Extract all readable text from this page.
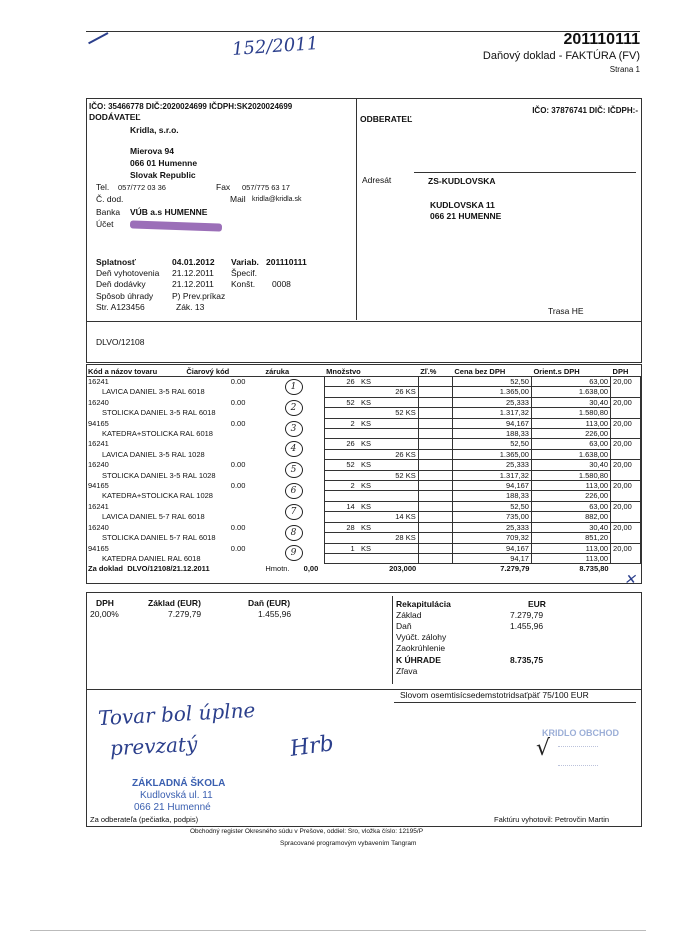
152/2011	201110111
Daňový doklad - FAKTÚRA (FV)
Strana 1
IČO: 35466778 DIČ:2020024699 IČDPH:SK2020024699
DODÁVATEĽ
Kridla, s.r.o.
Mierova 94
066 01 Humenne
Slovak Republic
Tel. 057/772 03 36	Fax 057/775 63 17
Č. dod.	Mail kridla@kridla.sk
Banka VÚB a.s HUMENNE
Účet
IČO: 37876741 DIČ: IČDPH:-
ODBERATEĽ
Adresát	ZS-KUDLOVSKA
KUDLOVSKA 11
066 21 HUMENNE
Trasa HE
Splatnosť	04.01.2012 Variab. 201110111
Deň vyhotovenia 21.12.2011 Špecif.
Deň dodávky	21.12.2011 Konšt. 0008
Spôsob úhrady P) Prev.príkaz
Str. A123456	Zák. 13
DLVO/12108
Kód a názov tovaru	Čiarový kód	záruka	Množstvo	Zľ.%	Cena bez DPH	Orient.s DPH	DPH
16241	0.00	1	26 KS		52,50	63,00	20,00
LAVICA DANIEL 3-5 RAL 6018			26 KS		1.365,00	1.638,00	
16240	0.00	2	52 KS		25,333	30,40	20,00
STOLICKA DANIEL 3-5 RAL 6018			52 KS		1.317,32	1.580,80	
94165	0.00	3	2 KS		94,167	113,00	20,00
KATEDRA+STOLICKA RAL 6018					188,33	226,00	
16241		4	26 KS		52,50	63,00	20,00
LAVICA DANIEL 3-5 RAL 1028			26 KS		1.365,00	1.638,00	
16240	0.00	5	52 KS		25,333	30,40	20,00
STOLICKA DANIEL 3-5 RAL 1028			52 KS		1.317,32	1.580,80	
94165	0.00	6	2 KS		94,167	113,00	20,00
KATEDRA+STOLICKA RAL 1028					188,33	226,00	
16241		7	14 KS		52,50	63,00	20,00
LAVICA DANIEL 5-7 RAL 6018			14 KS		735,00	882,00	
16240	0.00	8	28 KS		25,333	30,40	20,00
STOLICKA DANIEL 5-7 RAL 6018			28 KS		709,32	851,20	
94165	0.00	9	1 KS		94,167	113,00	20,00
KATEDRA DANIEL RAL 6018					94,17	113,00	
Za doklad DLVO/12108/21.12.2011		Hmotn. 0,00	203,000		7.279,79	8.735,80	
✕
DPH	Základ (EUR)	Daň (EUR)
20,00%	7.279,79	1.455,96
Rekapitulácia	EUR
Základ	7.279,79
Daň	1.455,96
Vyúčt. zálohy
Zaokrúhlenie
K ÚHRADE	8.735,75
Zľava
Slovom osemtisícsedemstotridsaťpäť 75/100 EUR
Tovar bol úplne
prevzatý	Hrb
ZÁKLADNÁ ŠKOLA
Kudlovská ul. 11
066 21 Humenné
KRIDLO OBCHOD
√
Za odberateľa (pečiatka, podpis)	Faktúru vyhotovil: Petrovčin Martin
Obchodný register Okresného súdu v Prešove, oddiel: Sro, vložka číslo: 12195/P
Spracované programovým vybavením Tangram
